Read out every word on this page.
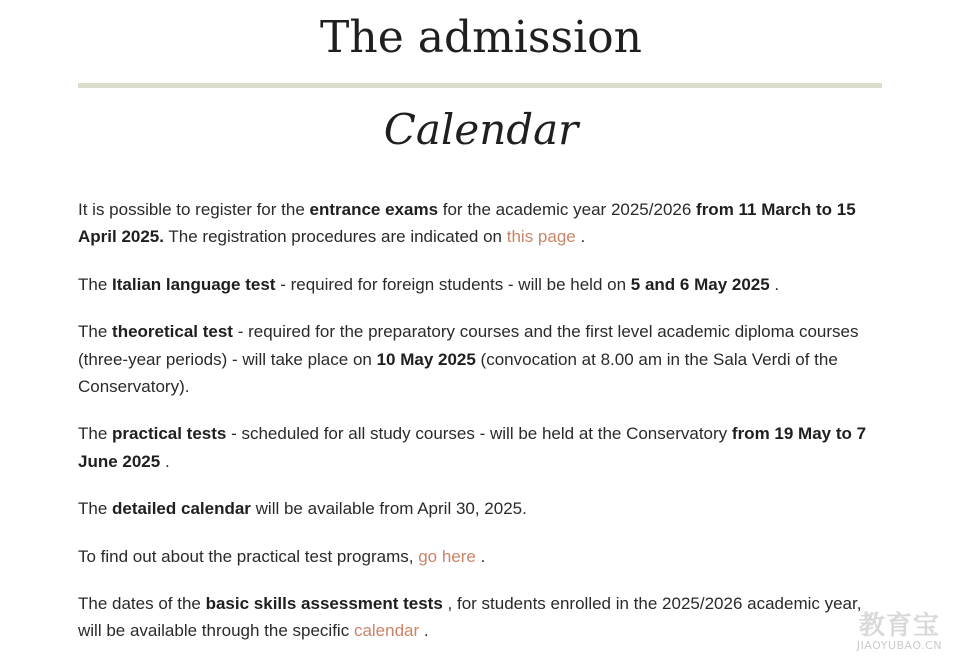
The admission
Calendar

It is possible to register for the entrance exams for the academic year 2025/2026 from 11 March to 15 April 2025. The registration procedures are indicated on this page .

The Italian language test - required for foreign students - will be held on 5 and 6 May 2025 .

The theoretical test - required for the preparatory courses and the first level academic diploma courses (three-year periods) - will take place on 10 May 2025 (convocation at 8.00 am in the Sala Verdi of the Conservatory).

The practical tests - scheduled for all study courses - will be held at the Conservatory from 19 May to 7 June 2025 .

The detailed calendar will be available from April 30, 2025.

To find out about the practical test programs, go here .

The dates of the basic skills assessment tests , for students enrolled in the 2025/2026 academic year, will be available through the specific calendar .	教育宝
JIAOYUBAO.CN
